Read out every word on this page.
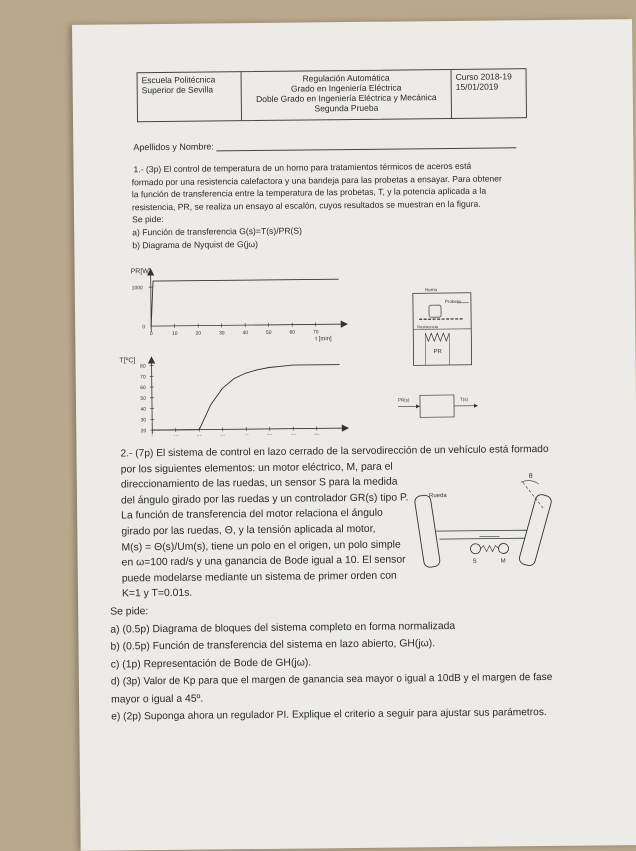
Escuela Politécnica
Superior de Sevilla
Regulación Automática
Grado en Ingeniería Eléctrica
Doble Grado en Ingeniería Eléctrica y Mecánica
Segunda Prueba
Curso 2018-19
15/01/2019
Apellidos y Nombre:
1.- (3p) El control de temperatura de un horno para tratamientos térmicos de aceros está
formado por una resistencia calefactora y una bandeja para las probetas a ensayar. Para obtener
la función de transferencia entre la temperatura de las probetas, T, y la potencia aplicada a la
resistencia, PR, se realiza un ensayo al escalón, cuyos resultados se muestran en la figura.
Se pide:
a) Función de transferencia G(s)=T(s)/PR(S)
b) Diagrama de Nyquist de G(jω)
PR[W]
1000
0
0	10	20	30	40	50	60	70
t [min]
T[ºC]
80
70
60
50
40
30
20
70
Horno
Probeta
Resistencia
PR
PR(s)	T(s)
2.- (7p) El sistema de control en lazo cerrado de la servodirección de un vehículo está formado
por los siguientes elementos: un motor eléctrico, M, para el
direccionamiento de las ruedas, un sensor S para la medida
del ángulo girado por las ruedas y un controlador GR(s) tipo P.
La función de transferencia del motor relaciona el ángulo
girado por las ruedas, Θ, y la tensión aplicada al motor,
M(s) = Θ(s)/Um(s), tiene un polo en el origen, un polo simple
en ω=100 rad/s y una ganancia de Bode igual a 10. El sensor
puede modelarse mediante un sistema de primer orden con
K=1 y T=0.01s.
Se pide:
a) (0.5p) Diagrama de bloques del sistema completo en forma normalizada
b) (0.5p) Función de transferencia del sistema en lazo abierto, GH(jω).
c) (1p) Representación de Bode de GH(jω).
d) (3p) Valor de Kp para que el margen de ganancia sea mayor o igual a 10dB y el margen de fase
mayor o igual a 45º.
e) (2p) Suponga ahora un regulador PI. Explique el criterio a seguir para ajustar sus parámetros.
Rueda
θ
S	M
